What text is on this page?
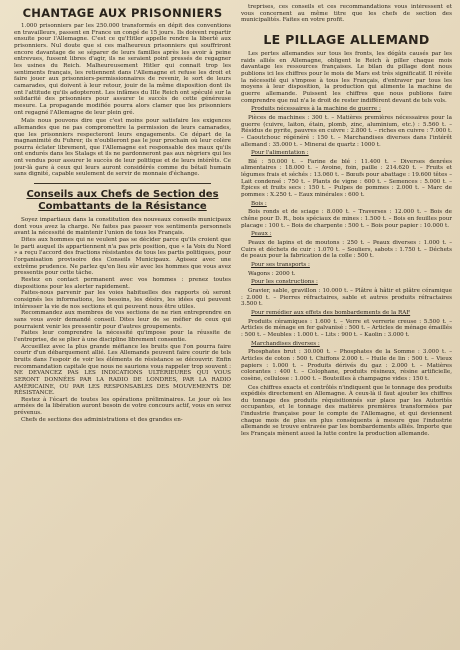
CHANTAGE AUX PRISONNIERS

1.000 prisonniers par les 250.000 transformés en dépit des conventions en travailleurs, passent en France un congé de 15 jours. Ils doivent repartir ensuite pour l'Allemagne. C'est ce qu'Hitler appelle rendre la liberté aux prisonniers. Nul doute que si ces malheureux prisonniers qui souffriront encore davantage de se séparer de leurs familles après les avoir à peine entrevues, fussent libres d'agir, ils ne seraient point pressés de regagner les usines du Reich. Malheureusement Hitler qui connait trop les sentiments français, les retiennent dans l'Allemagne et refuse les droit et faire jouer aux prisonniers-permissionnaires de revenir, le sort de leurs camarades, qui doivent à leur retour, jouir de la même disposition dont ils ont l'attitude qu'ils adopteront. Les infâmes du IIIe Reich ont spéculé sur la solidarité des prisonniers pour assurer le succès de cette généreuse mesure. La propagande modifiée pourra alors clamer que les prisonniers ont regagné l'Allemagne de leur plein gré.

Mais nous pouvons dire que c'est moins pour satisfaire les exigences allemandes que ne pas compromettre la permission de leurs camarades, que les prisonniers respecteront leurs engagements. Ce départ de la magnanimité du Fuhrer, ils n'oublieront pas le jour prochain où leur colère pourra éclater librement, que l'Allemagne est responsable des maux qu'ils ont endurés dans les Stalags et ils ne pardonneront pas aux nègriers qui les ont vendus pour assurer le succès de leur politique et de leurs intérêts. Ce jour-là gare à ceux qui leurs auront considérés comme du bétail humain sans dignité, capable seulement de servir de monnaie d'échange.

Conseils aux Chefs de Section des Combattants de la Résistance

Soyez impartiaux dans la constitution des nouveaux conseils municipaux dont vous avez la charge. Ne faites pas passer vos sentiments personnels avant la nécessité de maintenir l'union de tous les Français.

Dites aux hommes qui ne veulent pas se décider parce qu'ils croient que le parti auquel ils appartiennent n'a pas pris position, que « la Voix du Nord » a reçu l'accord des fractions résistantes de tous les partis politiques, pour l'organisation provisoire des Conseils Municipaux. Agissez avec une extrême prudence. Ne parlez qu'en lieu sûr avec les hommes que vous avez pressentis pour cette tâche.

Restez en contact permanent avec vos hommes : prenez toutes dispositions pour les alerter rapidement.

Faites-nous parvenir par les voies habituelles des rapports où seront consignés les informations, les besoins, les désirs, les idées qui peuvent intéresser la vie de nos sections et qui peuvent nous être utiles.

Recommandez aux membres de vos sections de ne rien entreprendre en sans vous avoir demandé conseil. Dites leur de se méfier de ceux qui pourraient venir les pressentir pour d'autres groupements.

Faites leur comprendre la nécessité qu'impose pour la réussite de l'entreprise, de se plier à une discipline librement consentie.

Accueillez avec la plus grande méfiance les bruits que l'on pourra faire courir d'un débarquement allié. Les Allemands peuvent faire courir de tels bruits dans l'espoir de voir les éléments de résistance se découvrir. Enfin recommandation capitale que nous ne saurions vous rappeler trop souvent : NE DEVANCEZ PAS LES INDICATIONS ULTÉRIEURES QUI VOUS SERONT DONNÉES PAR LA RADIO DE LONDRES, PAR LA RADIO AMÉRICAINE, OU PAR LES RESPONSABLES DES MOUVEMENTS DE RÉSISTANCE.

Restez à l'écart de toutes les opérations préliminaires. Le jour où les armées de la libération auront besoin de votre concours actif, vous en serez prévenus.

Chefs de sections des administrations et des grandes en-

treprises, ces conseils et ces recommandations vous intéressent et vous concernent au même titre que les chefs de section des municipalités. Faites en votre profit.

LE PILLAGE ALLEMAND

Les pertes allemandes sur tous les fronts, les dégâts causés par les raids alliés en Allemagne, obligent le Reich à piller chaque mois davantage les ressources françaises. Le bilan du pillage dont nous publions ici les chiffres pour le mois de Mars est très significatif. Il révèle la nécessité qui s'impose à tous les Français, d'entraver par tous les moyens à leur disposition, la production qui alimente la machine de guerre allemande. Puissent les chiffres que nous publions faire comprendre que nul n'a le droit de rester indifférent devant de tels vols.

Produits nécessaires à la machine de guerre :

Pièces de machines : 300 t. – Matières premières nécessaires pour la guerre (cuivre, laiton, étain, plomb, zinc, aluminium, etc.) : 5.560 t. – Résidus de pyrite, pauvres en cuivre : 2.800 t. – riches en cuivre : 7.000 t. – Caoutchouc régénéré : 150 t. – Marchandises diverses dans l'intérêt allemand : 35.000 t. – Minerai de quartz : 1000 t.

Pour l'alimentation :

Blé : 50.000 t. – Farine de blé : 11.400 t. – Diverses denrées alimentaires : 18.000 t. – Avoine, foin, paille : 214.620 t. – Fruits et légumes frais et séchés : 13.060 t. – Bœufs pour abattage : 19.600 têtes – Lait condensé : 750 t. – Plants de vigne : 600 t. – Semences : 5.000 t. – Épices et fruits secs : 150 t. – Pulpes de pommes : 2.000 t. – Marc de pommes : X.250 t. – Eaux minérales : 600 t.

Bois :

Bois ronds et de sciage : 8.000 t. – Traverses : 12.000 t. – Bois de chêne pour D. R., bois spéciaux de mines : 1.500 t. – Bois en feuilles pour placage : 100 t. – Bois de charpente : 500 t. – Bois pour papier : 10.000 t.

Peaux :

Peaux de lapins et de moutons : 250 t. – Peaux diverses : 1.000 t. – Cuirs et déchets de cuir : 1.070 t. – Souliers, sabots : 1.750 t. – Déchets de peaux pour la fabrication de la colle : 500 t.

Pour ses transports :

Wagons : 2000 t.

Pour les constructions :

Gravier, sable, gravillon : 10.000 t. – Plâtre à hâtir et plâtre céramique : 2.000 t. – Pierres réfractaires, sable et autres produits réfractaires 3.500 t.

Pour remédier aux effets des bombardements de la RAF

Produits céramiques : 1.600 t. – Verre et verrerie creuse : 5.500 t. – Articles de ménage en fer galvanisé : 500 t. – Articles de ménage émaillés : 500 t. – Meubles : 1.000 t. – Lits : 900 t. – Kaolin : 3.000 t.

Marchandises diverses :

Phosphates brut : 30.000 t. – Phosphates de la Somme : 3.000 t. – Articles de coton : 500 t. Chiffons 2.000 t. – Huile de lin : 500 t. – Vieux papiers : 1.000 t. – Produits dérivés du gaz : 2.000 t. – Matières colorantes : 400 t. – Colophane, produits résineux, résine artificielle, cosène, cellulose : 1.000 t. – Bouteilles à champagne vides : 150 t.

Ces chiffres exacts et contrôlés n'indiquent que le tonnage des produits expédiés directement en Allemagne. À ceux-là il faut ajouter les chiffres du tonnage des produits réquisitionnés sur place par les Autorités occupantes, et le tonnage des matières premières transformées par l'industrie française pour le compte de l'Allemagne, et qui deviennent chaque mois de plus en plus conséquents à mesure que l'industrie allemande se trouve entravée par les bombardements alliés. Importe que les Français mènent aussi la lutte contre la production allemande.
